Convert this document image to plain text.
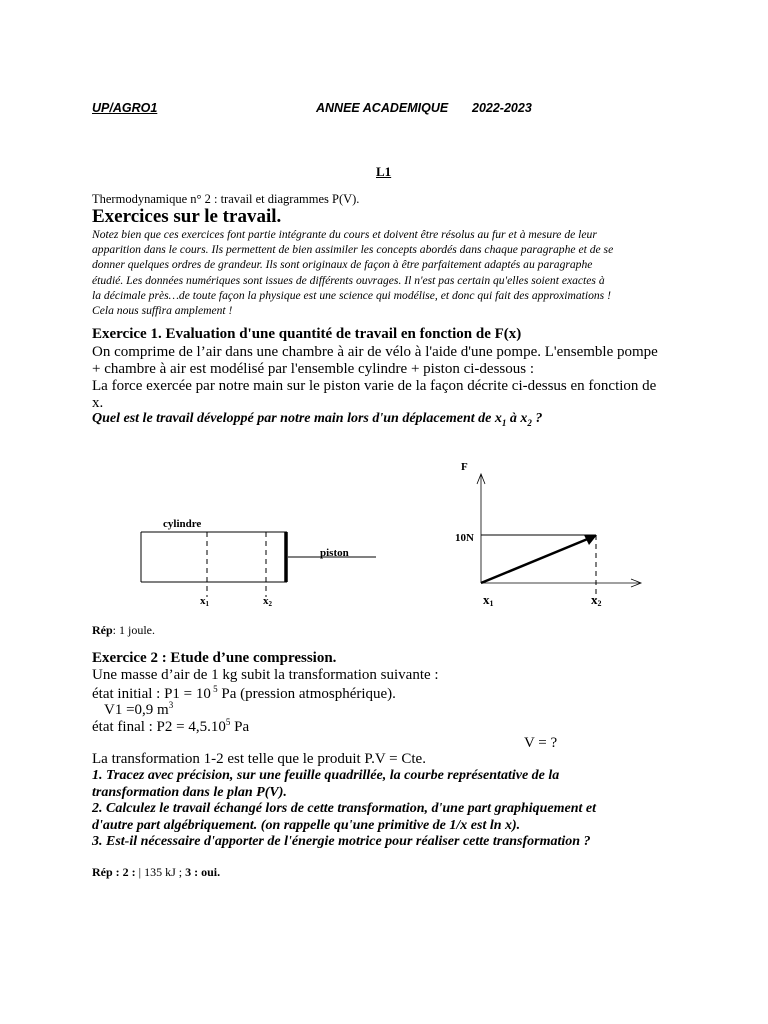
UP/AGRO1	ANNEE ACADEMIQUE 2022-2023
L1
Thermodynamique n° 2 : travail et diagrammes P(V).
Exercices sur le travail.
Notez bien que ces exercices font partie intégrante du cours et doivent être résolus au fur et à mesure de leur
apparition dans le cours. Ils permettent de bien assimiler les concepts abordés dans chaque paragraphe et de se
donner quelques ordres de grandeur. Ils sont originaux de façon à être parfaitement adaptés au paragraphe
étudié. Les données numériques sont issues de différents ouvrages. Il n'est pas certain qu'elles soient exactes à
la décimale près…de toute façon la physique est une science qui modélise, et donc qui fait des approximations !
Cela nous suffira amplement !
Exercice 1. Evaluation d'une quantité de travail en fonction de F(x)
On comprime de l’air dans une chambre à air de vélo à l'aide d'une pompe. L'ensemble pompe
+ chambre à air est modélisé par l'ensemble cylindre + piston ci-dessous :
La force exercée par notre main sur le piston varie de la façon décrite ci-dessus en fonction de
x.
Quel est le travail développé par notre main lors d'un déplacement de $x_1$ à $x_2$ ?
cylindre
piston
x1	x2
F
10N
x1	x2
Rép: 1 joule.
Exercice 2 : Etude d’une compression.
Une masse d’air de 1 kg subit la transformation suivante :
état initial : P1 = 10 $^5$ Pa (pression atmosphérique).
V1 =0,9 $m^3$
état final : $P2 = 4,5.10^5$ Pa
V = ?
La transformation 1-2 est telle que le produit P.V = Cte.
1. Tracez avec précision, sur une feuille quadrillée, la courbe représentative de la
transformation dans le plan P(V).
2. Calculez le travail échangé lors de cette transformation, d'une part graphiquement et
d'autre part algébriquement. (on rappelle qu'une primitive de 1/x est ln x).
3. Est-il nécessaire d'apporter de l'énergie motrice pour réaliser cette transformation ?
Rép : 2 : | 135 kJ ; 3 : oui.
